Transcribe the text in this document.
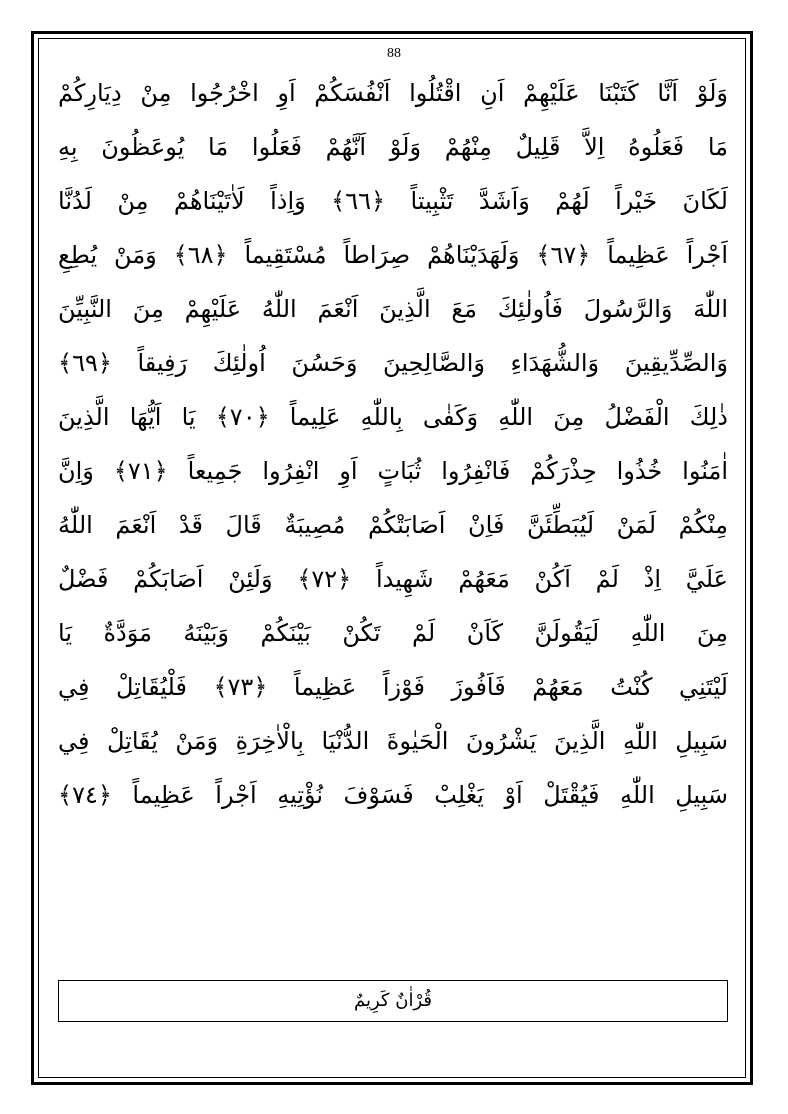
88
وَلَوْ اَنَّا كَتَبْنَا عَلَيْهِمْ اَنِ اقْتُلُوا اَنْفُسَكُمْ اَوِ اخْرُجُوا مِنْ دِيَارِكُمْ
مَا فَعَلُوهُ اِلاَّ قَلِيلٌ مِنْهُمْ وَلَوْ اَنَّهُمْ فَعَلُوا مَا يُوعَظُونَ بِهِ
لَكَانَ خَيْراً لَهُمْ وَاَشَدَّ تَثْبِيتاً ﴿٦٦﴾ وَاِذاً لَاٰتَيْنَاهُمْ مِنْ لَدُنَّا
اَجْراً عَظِيماً ﴿٦٧﴾ وَلَهَدَيْنَاهُمْ صِرَاطاً مُسْتَقِيماً ﴿٦٨﴾ وَمَنْ يُطِعِ
اللّٰهَ وَالرَّسُولَ فَاُولٰئِكَ مَعَ الَّذِينَ اَنْعَمَ اللّٰهُ عَلَيْهِمْ مِنَ النَّبِيِّنَ
وَالصِّدِّيقِينَ وَالشُّهَدَاءِ وَالصَّالِحِينَ وَحَسُنَ اُولٰئِكَ رَفِيقاً ﴿٦٩﴾
ذٰلِكَ الْفَضْلُ مِنَ اللّٰهِ وَكَفٰى بِاللّٰهِ عَلِيماً ﴿٧٠﴾ يَا اَيُّهَا الَّذِينَ
اٰمَنُوا خُذُوا حِذْرَكُمْ فَانْفِرُوا ثُبَاتٍ اَوِ انْفِرُوا جَمِيعاً ﴿٧١﴾ وَاِنَّ
مِنْكُمْ لَمَنْ لَيُبَطِّئَنَّ فَاِنْ اَصَابَتْكُمْ مُصِيبَةٌ قَالَ قَدْ اَنْعَمَ اللّٰهُ
عَلَيَّ اِذْ لَمْ اَكُنْ مَعَهُمْ شَهِيداً ﴿٧٢﴾ وَلَئِنْ اَصَابَكُمْ فَضْلٌ
مِنَ اللّٰهِ لَيَقُولَنَّ كَاَنْ لَمْ تَكُنْ بَيْنَكُمْ وَبَيْنَهُ مَوَدَّةٌ يَا
لَيْتَنِي كُنْتُ مَعَهُمْ فَاَفُوزَ فَوْزاً عَظِيماً ﴿٧٣﴾ فَلْيُقَاتِلْ فِي
سَبِيلِ اللّٰهِ الَّذِينَ يَشْرُونَ الْحَيٰوةَ الدُّنْيَا بِالْاٰخِرَةِ وَمَنْ يُقَاتِلْ فِي
سَبِيلِ اللّٰهِ فَيُقْتَلْ اَوْ يَغْلِبْ فَسَوْفَ نُؤْتِيهِ اَجْراً عَظِيماً ﴿٧٤﴾
قُرْاٰنٌ كَرِيمٌ
